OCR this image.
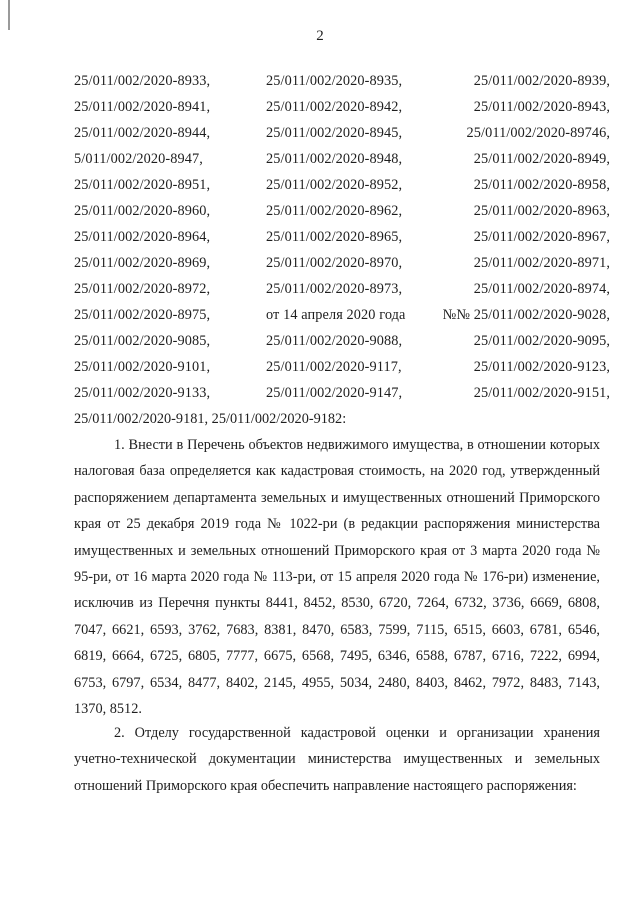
2
25/011/002/2020-8933,	25/011/002/2020-8935,	25/011/002/2020-8939,
25/011/002/2020-8941,	25/011/002/2020-8942,	25/011/002/2020-8943,
25/011/002/2020-8944,	25/011/002/2020-8945,	25/011/002/2020-89746,
5/011/002/2020-8947,	25/011/002/2020-8948,	25/011/002/2020-8949,
25/011/002/2020-8951,	25/011/002/2020-8952,	25/011/002/2020-8958,
25/011/002/2020-8960,	25/011/002/2020-8962,	25/011/002/2020-8963,
25/011/002/2020-8964,	25/011/002/2020-8965,	25/011/002/2020-8967,
25/011/002/2020-8969,	25/011/002/2020-8970,	25/011/002/2020-8971,
25/011/002/2020-8972,	25/011/002/2020-8973,	25/011/002/2020-8974,
25/011/002/2020-8975,	от 14 апреля 2020 года	№№ 25/011/002/2020-9028,
25/011/002/2020-9085,	25/011/002/2020-9088,	25/011/002/2020-9095,
25/011/002/2020-9101,	25/011/002/2020-9117,	25/011/002/2020-9123,
25/011/002/2020-9133,	25/011/002/2020-9147,	25/011/002/2020-9151,
25/011/002/2020-9181, 25/011/002/2020-9182:

1. Внести в Перечень объектов недвижимого имущества, в отношении которых налоговая база определяется как кадастровая стоимость, на 2020 год, утвержденный распоряжением департамента земельных и имущественных отношений Приморского края от 25 декабря 2019 года № 1022-ри (в редакции распоряжения министерства имущественных и земельных отношений Приморского края от 3 марта 2020 года № 95-ри, от 16 марта 2020 года № 113-ри, от 15 апреля 2020 года № 176-ри) изменение, исключив из Перечня пункты 8441, 8452, 8530, 6720, 7264, 6732, 3736, 6669, 6808, 7047, 6621, 6593, 3762, 7683, 8381, 8470, 6583, 7599, 7115, 6515, 6603, 6781, 6546, 6819, 6664, 6725, 6805, 7777, 6675, 6568, 7495, 6346, 6588, 6787, 6716, 7222, 6994, 6753, 6797, 6534, 8477, 8402, 2145, 4955, 5034, 2480, 8403, 8462, 7972, 8483, 7143, 1370, 8512.

2. Отделу государственной кадастровой оценки и организации хранения учетно-технической документации министерства имущественных и земельных отношений Приморского края обеспечить направление настоящего распоряжения:
